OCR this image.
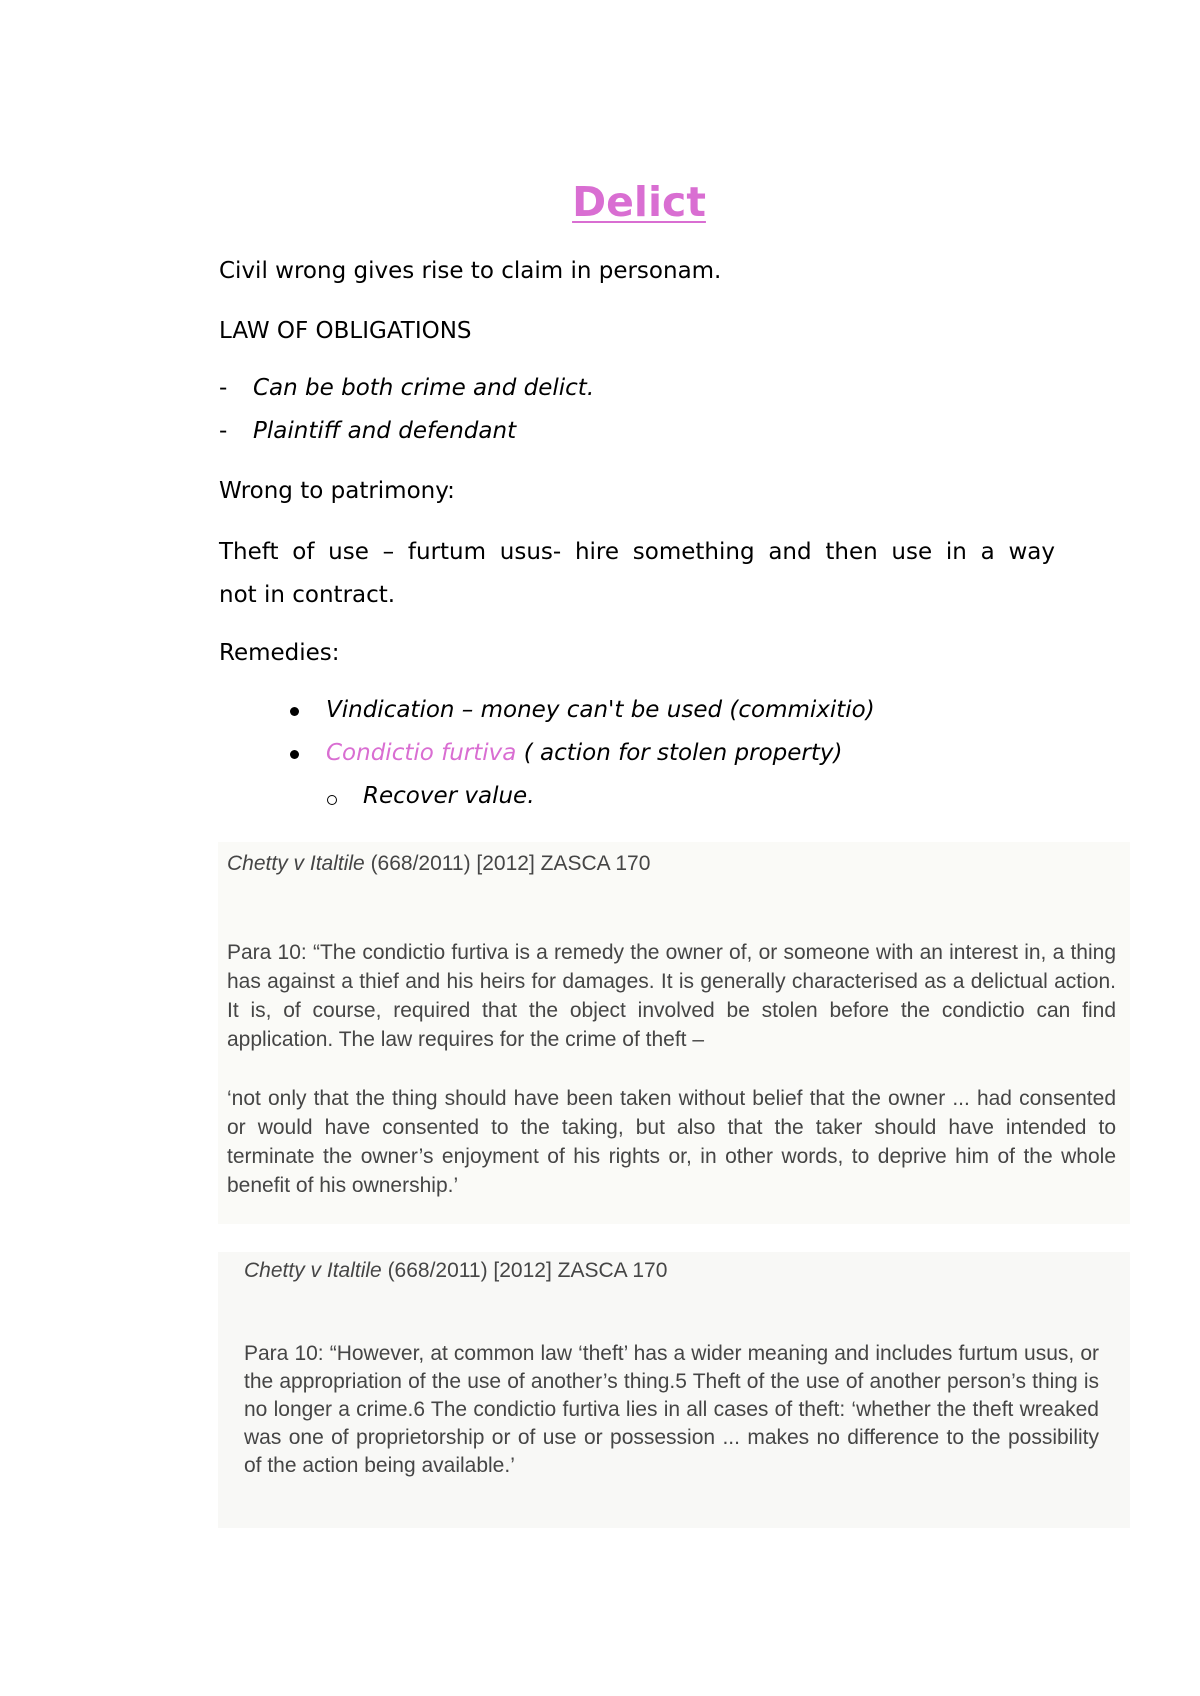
Delict
Civil wrong gives rise to claim in personam.
LAW OF OBLIGATIONS
- Can be both crime and delict.
- Plaintiff and defendant
Wrong to patrimony:
Theft of use – furtum usus- hire something and then use in a way
not in contract.
Remedies:
Vindication – money can't be used (commixitio)
Condictio furtiva ( action for stolen property)
Recover value.
Chetty v Italtile (668/2011) [2012] ZASCA 170

Para 10: “The condictio furtiva is a remedy the owner of, or someone with an interest in, a thing has against a thief and his heirs for damages. It is generally characterised as a delictual action. It is, of course, required that the object involved be stolen before the condictio can find application. The law requires for the crime of theft –

‘not only that the thing should have been taken without belief that the owner ... had consented or would have consented to the taking, but also that the taker should have intended to terminate the owner’s enjoyment of his rights or, in other words, to deprive him of the whole benefit of his ownership.’

Chetty v Italtile (668/2011) [2012] ZASCA 170

Para 10: “However, at common law ‘theft’ has a wider meaning and includes furtum usus, or the appropriation of the use of another’s thing.5 Theft of the use of another person’s thing is no longer a crime.6 The condictio furtiva lies in all cases of theft: ‘whether the theft wreaked was one of proprietorship or of use or possession ... makes no difference to the possibility of the action being available.’
